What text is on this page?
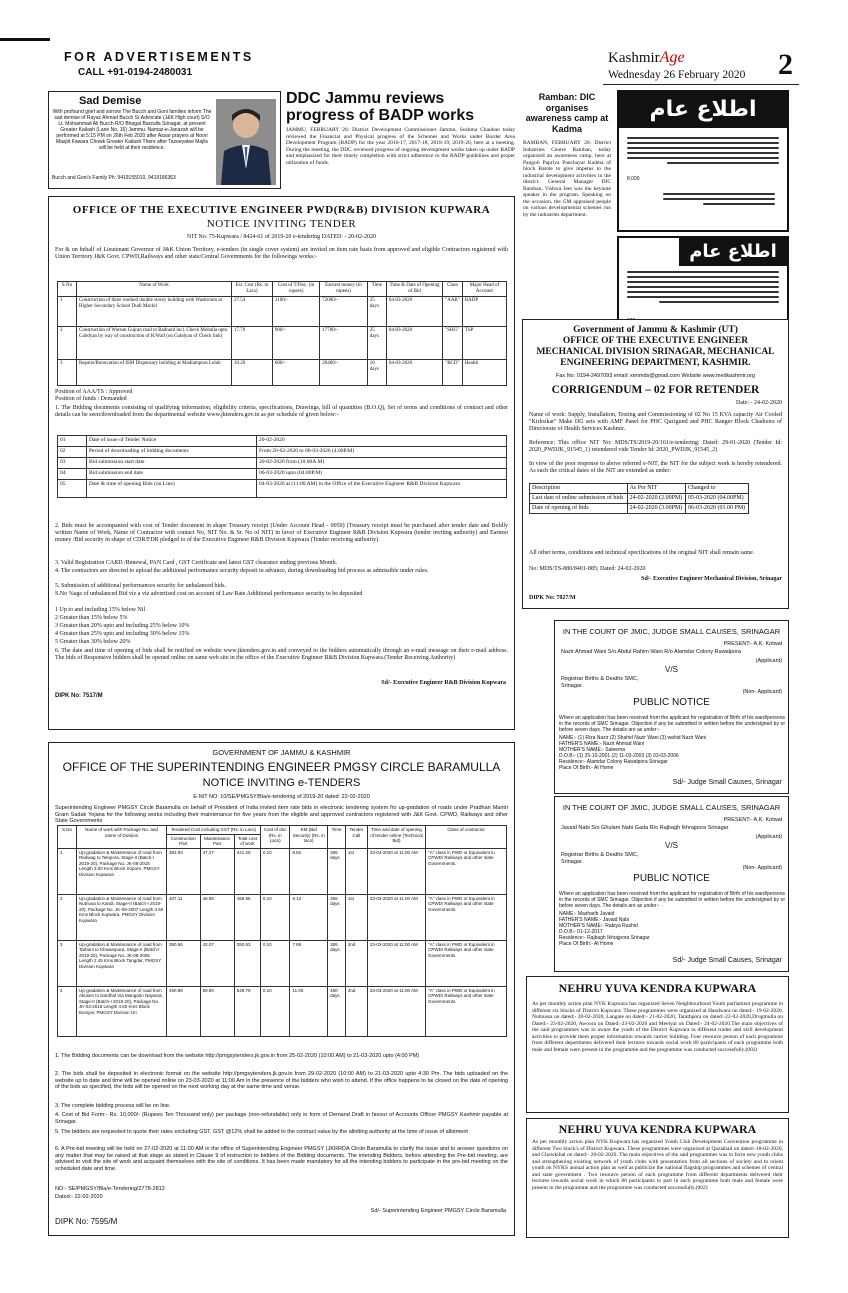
FOR ADVERTISEMENTS
CALL +91-0194-2480031
KashmirAge
Wednesday 26 February 2020 2
Sad Demise
With profound grief and sorrow The Bucch and Goni families inform The sad demise of Rayaz Ahmad Bucch Sr.Advocate (J&K High court) S/O Lt. Mohammad Ali Bucch R/O Bhagat Barzulla Srinagar, at present Greater Kailash (Lane No. 16) Jammu. Namaz-e-Janazah will be performed at 5:15 PM on 26th Feb 2020 after Assar prayers at Noori Masjid Fawara Chowk Greater Kailash There after Tazeeyatee Majlis will be held at their residence.
Bucch and Goni's Family Ph: 9419155010, 9419186363
DDC Jammu reviews progress of BADP works
JAMMU, FEBRUARY 26: District Development Commissioner Jammu, Sushma Chauhan today reviewed the Financial and Physical progress of the Schemes and Works under Border Area Development Program (BADP) for the year 2016-17, 2017-18, 2018-19, 2019-20, here at a meeting. During the meeting, the DDC reviewed progress of ongoing development works taken up under BADP and emphasized for their timely completion with strict adherence to the BADP guidelines and proper utilization of funds.
Ramban: DIC organises awareness camp at Kadma
RAMBAN, FEBRUARY 26: District Industries Centre Ramban, today organized an awareness camp, here at Pangoli Papriya Panchayat Kadma of block Batote to give impetus to the industrial development activities in the district. General Manager DIC Ramban, Vishwa Jeet was the keynote speaker in the program. Speaking on the occasion, the GM appraised people on various developmental schemes run by the industries department.
اطلاع عام
8,000
اطلاع عام
OFFICE OF THE EXECUTIVE ENGINEER PWD(R&B) DIVISION KUPWARA
NOTICE INVITING TENDER
NIT No. 75-Kupwara / 8424-61 of 2019-20 e-tendering DATED: - 20-02-2020
For & on behalf of Lieutenant Governor of J&K Union Territory, e-tenders (in single cover system) are invited on item rate basis from approved and eligible Contractors registered with Union Territory J&K Govt. CPWD,Railways and other state/Central Governments for the followings works:-
S.No	Name of Work	Est. Cost (Rs. in Lacs)	Cost of T/Doc. (in rupees)	Earnest money (in rupees)	Time	Time & Date of Opening of Bid	Class	Major Head of Account
1	Construction of three roomed double storey building with Washroom at Higher Secondary School Dudi Machil	27.54	1100/-	72000/-	25 days	04-03-2020	"AAB"	BADP
2	Construction of Warsun Gujran road to Badnard incl. Check Mohalla upto Gabdyan by way of construction of R/Wall (on Gabdyan of Check link)	17.70	900/-	17700/-	25 days	04-03-2020	"SHG"	TSP
3	Repairs/Renovation of ISM Dispensary building at Madiampora Lolab	10.26	600/-	20400/-	10 days	04-03-2020	"BCD"	Health
Position of AAA/TS : Approved
Position of funds : Demanded
1. The Bidding documents consisting of qualifying information, eligibility criteria, specifications, Drawings, bill of quantities (B.O.Q), Set of terms and conditions of contract and other details can be seen/downloaded from the departmental website www.jktenders.gov.in as per schedule of given below:-
01	Date of issue of Tender Notice	20-02-2020
02	Period of downloading of bidding documents	From 20-02-2020 to 06-03-2020 (4.00P.M)
03	Bid submission start date	20-02-2020 from (10.00A.M)
04	Bid submission end date	06-03-2020 upto (04.00P.M)
05	Date & time of opening Bids (on Line)	04-03-2020 at (11:00 AM) in the Office of the Executive Engineer R&B Division Kupwara
2. Bids must be accompanied with cost of Tender document in shape Treasury receipt (Under Account Head - 0059) (Treasury receipt must be purchased after tender date and Boldly written Name of Work, Name of Contractor with contact No, NIT No. & Sr. No of NIT) in favor of Executive Engineer R&B Division Kupwara (tender inviting authority) and Earnest money /Bid security in shape of CDR/FDR pledged to of the Executive Engineer R&B Division Kupwara (Tender receiving authority).
3. Valid Registration CARD /Renewal, PAN Card , GST Certificate and latest GST clearance ending previous Month.
4. The contractors are directed to upload the additional performance security deposit in advance, during downloading bid process as admissible under rules.
5. Submission of additional performances security for unbalanced bids.
S.No %age of unbalanced Bid viz a viz advertised cost on account of Law Rate Additional performance security to be deposited
1 Up to and including 15% below Nil
2 Greater than 15% below 5%
3 Greater than 20% upto and including 25% below 10%
4 Greater than 25% upto and including 30% below 15%
5 Greater than 30% below 20%
6. The date and time of opening of bids shall be notified on website www.jktenders.gov.in and conveyed to the bidders automatically through an e-mail message on their e-mail address. The bids of Responsive bidders shall be opened online on same web site in the office of the Executive Engineer R&B Division Kupwara.(Tender Receiving Authority)
Sd/- Executive Engineer R&B Division Kupwara
DIPK No: 7517/M
GOVERNMENT OF JAMMU & KASHMIR
OFFICE OF THE SUPERINTENDING ENGINEER PMGSY CIRCLE BARAMULLA
NOTICE INVITING e-TENDERS
E-NIT NO: 10/SE/PMGSY/Bla/e-tendering of 2019-20 dated: 22-02-2020
Superintending Engineer PMGSY Circle Baramulla on behalf of President of India invited item rate bids in electronic tendering system fro up-gradation of roads under Pradhan Mantri Gram Sadak Yojana for the following works including their maintenance for five years from the eligible and approved contractors registered with J&K Govt. CPWD, Railways and other State Governments
S.No	Name of work with Package No. and name of Division	Tendered Cost including GST (Rs. in Lacs)			Cost of doc (Rs. in Lacs)	EM (Bid Security) (Rs. in lacs)	Time	Tender Call	Time and date of opening of tender online (Technical Bid)	Class of contractor
		Construction Part	Maintenance Part	Total cost of work						
1	Up-gradation & Maintenance of road from Redwag to Tekipora, Stage-II (Batch-I 2019-20), Package No. JK-08-2015 Length 3.00 Kms Block Sopore, PMGSY Division Kupwara	393.93	47.27	441.20	0.10	8.82	365 days	1st	23-03-2020 at 11:00 AM	"A" class in PWD or Equivalent in CPWD/ Railways and other state Governments.
2	Up-gradation & Maintenance of road from Nutnusa to Kandi, Stage-II (Batch-I 2019-20), Package No. JK-08-2007 Length 3.50 Kms Block Kupwara, PMGSY Division Kupwara	407.11	48.85	455.96	0.10	9.12	365 days	1st	23-03-2020 at 11:00 AM	"A" class in PWD or Equivalent in CPWD/ Railways and other state Governments.
3	Up-gradation & Maintenance of road from Tarbuni to Khawarpora, Stage-II (Batch-I 2019-20), Package No. JK-08-2005 Length 2.45 Kms Block Tangdar, PMGSY Division Kupwara	350.56	42.07	392.63	0.10	7.85	365 days	2nd	23-03-2020 at 11:00 AM	"A" class in PWD or Equivalent in CPWD/ Railways and other state Governments.
4	Up-gradation & Maintenance of road from Akusen to Dardhal Via Mangarin Nayaruk, Stage-II (Batch-I 2019-20), Package No. JK-03-2019 Length 4.60 Kms Block Boniyar, PMGSY Division Uri	490.88	58.90	549.79	0.10	11.00	450 days	2nd	23-03-2020 at 11:00 AM	"A" class in PWD or Equivalent in CPWD/ Railways and other state Governments.
1. The Bidding documents can be download from the website http://pmgsytenders.jk.gov.in from 25-02-2020 (10:00 AM) to 21-03-2020 upto (4:00 PM)
2. The bids shall be deposited in electronic format on the website http://pmgsytenders.jk.gov.in from 29-02-2020 (10:00 AM) to 21-03-2020 upto 4:30 Pm. The bids uploaded on the website up to date and time will be opened online on 23-03-2020 at 11:00 Am in the presence of the bidders who wish to attend. If the office happens to be closed on the date of opening of the bids as specified, the bids will be opened on the next working day at the same time and venue.
3. The complete bidding process will be on line.
4. Cost of Bid Form:- Rs. 10,000/- (Rupees Ten Thousand only) per package (non-refundable) only in form of Demand Draft in favour of Accounts Officer PMGSY Kashmir payable at Srinagar.
5. The bidders are requested to quote their rates excluding GST. GST @12% shall be added to the contract value by the allotting authority at the time of issue of allotment
6. A Pre-bid meeting will be held on 27-02-2020 at 11:00 AM in the office of Superintending Engineer PMGSY (JKRRDA Circle Baramulla to clarify the issue and to answer questions on any matter that may be raised at that stage as stated in Clause 9 of instruction to bidders of the Bidding documents. The intending Bidders, before attending the Pre-bid meeting, are advised to visit the site of work and acquaint themselves with the site of conditions. It has been made mandatory for all the intending bidders to participate in the pre-bid meeting on the scheduled date and time.
NO:- SE/PMGSY/Bla/e-Tendering/2778-2812
Dated:- 22-02-2020
Sd/- Superintending Engineer PMGSY Circle Baramulla
DIPK No: 7595/M
Government of Jammu & Kashmir (UT)
OFFICE OF THE EXECUTIVE ENGINEER MECHANICAL DIVISION SRINAGAR, MECHANICAL ENGINEERING DEPARTMENT, KASHMIR.
Fax No: 0194-2497093 email: xenmds@gmail.com Website www.medkashmir.org
CORRIGENDUM – 02 FOR RETENDER
Date: - 24-02-2020
Name of work: Supply, Installation, Testing and Commissioning of 02 No 15 KVA capacity Air Cooled "Kirloskar" Make DG sets with AMF Panel for PHC Qazigund and PHC Ranger Block Chadoora of Directorate of Health Services Kashmir.
Reference: This office NIT No: MDS/TS/2019-20/161/e-tendering: Dated: 29-01-2020 (Tender Id: 2020_PWDJK_91545_1) retendered vide Tender Id: 2020_PWDJK_91545_2)
In view of the poor response to above referred e-NIT, the NIT for the subject work is hereby retendered. As such the critical dates of the NIT are extended as under:
Description	As Per NIT	Changed to
Last date of online submission of bids	24-02-2020 (2.00PM)	05-03-2020 (04.00PM)
Date of opening of bids	24-02-2020 (3.00PM)	06-03-2020 (01.00 PM)
All other terms, conditions and technical specifications of the original NIT shall remain same.
No: MDS/TS-880/8401-885; Dated: 24-02-2020
Sd/- Executive Engineer Mechanical Division, Srinagar
DIPK No: 7827/M
IN THE COURT OF JMIC, JUDGE SMALL CAUSES, SRINAGAR
PRESENT:- A.K. Kotwal
Nazir Ahmad Wani S/o Abdul Rahim Wani R/o Alamdar Colony Rawalpora
(Applicant)
V/S
Registrar Births & Deaths SMC, Srinagar.
(Non- Applicant)
PUBLIC NOTICE
Where an application has been received from the applicant for registration of Birth of his ward/persons in the records of SMC Srinagar. Objection if any be submitted in written before the undersigned by or before seven days. The details are as under:-
NAME:- (1) Riza Nazir (2) Shahid Nazir Wani (3) wahid Nazir Wani
FATHER'S NAME:- Nazir Ahmad Wani
MOTHER'S NAME:- Saleema
D.O.B:- (1) 25-10-2001 (2) 11-03-2003 (3) 03-03-2006
Residence:- Alamdar Colony Rawalpora Srinagar
Place Of Birth:- At Home
Sd/- Judge Small Causes, Srinagar
IN THE COURT OF JMIC, JUDGE SMALL CAUSES, SRINAGAR
PRESENT:- A.K. Kotwal
Javaid Nabi S/o Ghulam Nabi Gada R/o Rajbagh Ikhrajpora Srinagar
(Applicant)
V/S
Registrar Births & Deaths SMC, Srinagar.
(Non- Applicant)
PUBLIC NOTICE
Where an application has been received from the applicant for registration of Birth of his ward/persons in the records of SMC Srinagar. Objection if any be submitted in written before the undersigned by or before seven days. The details are as under:-
NAME:- Masharib Javaid
FATHER'S NAME:- Javaid Nabi
MOTHER'S NAME:- Rabiya Rashid
D.O.B:- 01-12-2017
Residence:- Rajbagh Ikhrajpora Srinagar
Place Of Birth:- At Home
Sd/- Judge Small Causes, Srinagar
NEHRU YUVA KENDRA KUPWARA
As per monthly action plan NYK Kupwara has organized Seven Neighbourhood Youth parliament programme in different six blocks of District Kupwara. These programmes were organized at Handwara on dated:- 19-02-2020, Nutnussa on dated:- 20-02-2020, Langate on dated:- 21-02-2020, Tarathpora on dated:-22-02-2020,Drugmulla on Dated:- 23-02-2020, Awoora on Dated:-23-02-2020 and Meelyal on Dated:- 24-02-2020.The main objectives of the said programmes was to aware the youth of the District Kupwara in different trades and skill development activities to provide them proper information towards carrier building. Four resource person of each programme from different departments delivered their lectures towards social work 80 participants of each programme both male and female were present in the programme and the programme was conducted successfully.(002)
NEHRU YUVA KENDRA KUPWARA
As per monthly action plan NYK Kupwara has organized Youth Club Development Convention programme in different Two block's of District Kupwara. These programmes were organized at Qaziabad on dated:-18-02-2020, and Chowkibal on dated:- 20-02-2020. The main objectives of the said programmes was to form new youth clubs and strengthening existing network of youth clubs with presentation from all sections of society and to orient youth on NYKS annual action plan as well as publicize the national flagship programmes and schemes of central and state government . Two resource person of each programme from different departments delivered their lectures towards social work in which 80 participants to part in each programme both male and female were present in the programme and the programme was conducted successfully.(002)
